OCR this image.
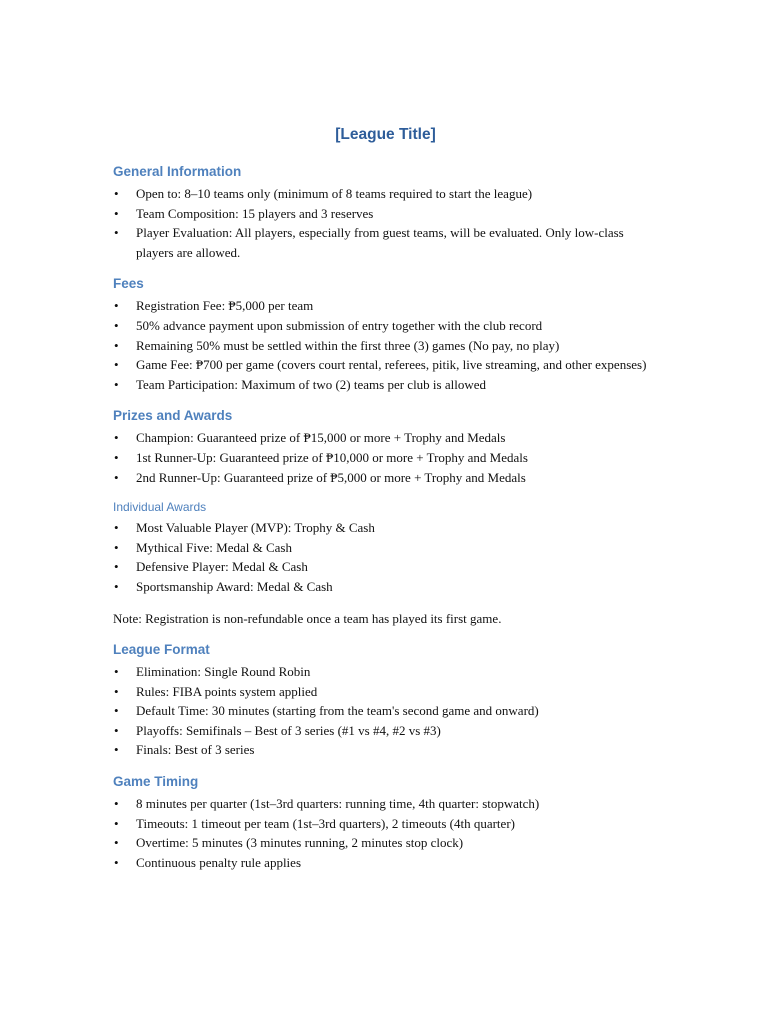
[League Title]
General Information
• Open to: 8–10 teams only (minimum of 8 teams required to start the league)
• Team Composition: 15 players and 3 reserves
• Player Evaluation: All players, especially from guest teams, will be evaluated. Only low-class players are allowed.
Fees
• Registration Fee: ₱5,000 per team
• 50% advance payment upon submission of entry together with the club record
• Remaining 50% must be settled within the first three (3) games (No pay, no play)
• Game Fee: ₱700 per game (covers court rental, referees, pitik, live streaming, and other expenses)
• Team Participation: Maximum of two (2) teams per club is allowed
Prizes and Awards
• Champion: Guaranteed prize of ₱15,000 or more + Trophy and Medals
• 1st Runner-Up: Guaranteed prize of ₱10,000 or more + Trophy and Medals
• 2nd Runner-Up: Guaranteed prize of ₱5,000 or more + Trophy and Medals
Individual Awards
• Most Valuable Player (MVP): Trophy & Cash
• Mythical Five: Medal & Cash
• Defensive Player: Medal & Cash
• Sportsmanship Award: Medal & Cash
Note: Registration is non-refundable once a team has played its first game.
League Format
• Elimination: Single Round Robin
• Rules: FIBA points system applied
• Default Time: 30 minutes (starting from the team's second game and onward)
• Playoffs: Semifinals – Best of 3 series (#1 vs #4, #2 vs #3)
• Finals: Best of 3 series
Game Timing
• 8 minutes per quarter (1st–3rd quarters: running time, 4th quarter: stopwatch)
• Timeouts: 1 timeout per team (1st–3rd quarters), 2 timeouts (4th quarter)
• Overtime: 5 minutes (3 minutes running, 2 minutes stop clock)
• Continuous penalty rule applies
